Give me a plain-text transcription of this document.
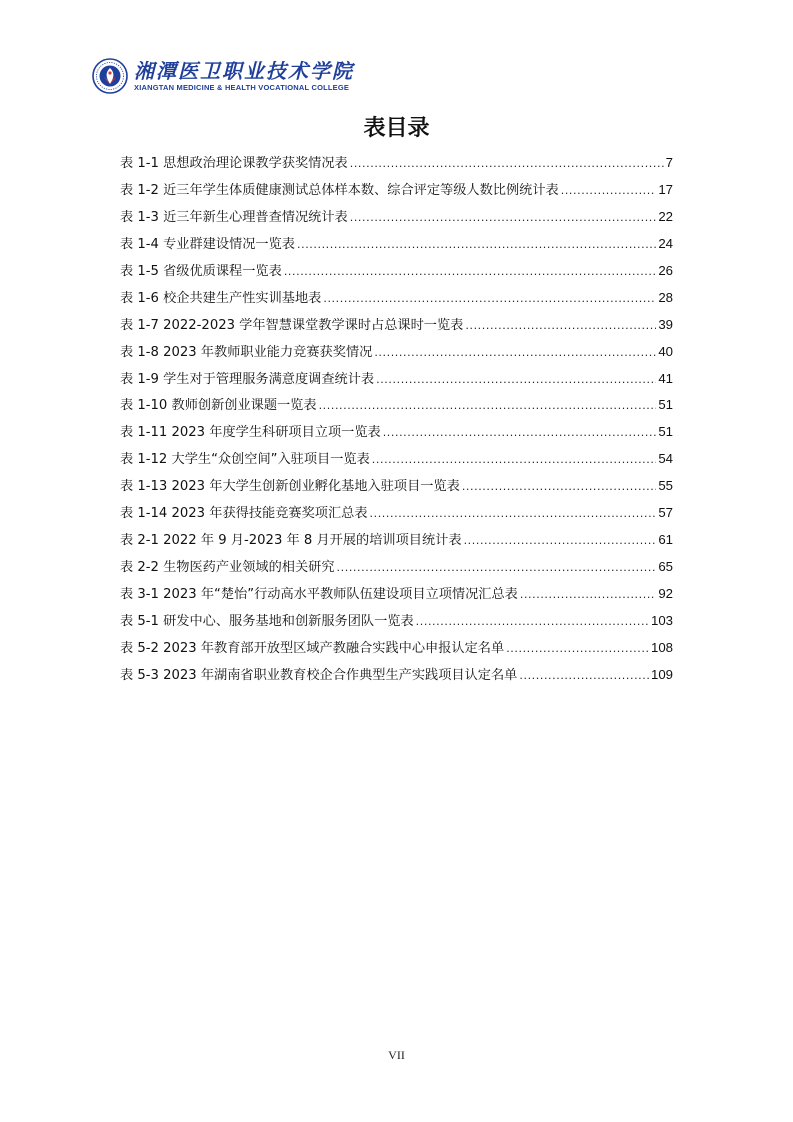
湘潭医卫职业技术学院
XIANGTAN MEDICINE & HEALTH VOCATIONAL COLLEGE
表目录
表 1-1 思想政治理论课教学获奖情况表 .....	7
表 1-2 近三年学生体质健康测试总体样本数、综合评定等级人数比例统计表 .....	17
表 1-3 近三年新生心理普查情况统计表 .....	22
表 1-4 专业群建设情况一览表 .....	24
表 1-5 省级优质课程一览表 .....	26
表 1-6 校企共建生产性实训基地表 .....	28
表 1-7 2022-2023 学年智慧课堂教学课时占总课时一览表 .....	39
表 1-8 2023 年教师职业能力竞赛获奖情况 .....	40
表 1-9 学生对于管理服务满意度调查统计表 .....	41
表 1-10 教师创新创业课题一览表 .....	51
表 1-11 2023 年度学生科研项目立项一览表 .....	51
表 1-12 大学生“众创空间”入驻项目一览表 .....	54
表 1-13 2023 年大学生创新创业孵化基地入驻项目一览表 .....	55
表 1-14 2023 年获得技能竞赛奖项汇总表 .....	57
表 2-1 2022 年 9 月-2023 年 8 月开展的培训项目统计表 .....	61
表 2-2 生物医药产业领域的相关研究 .....	65
表 3-1 2023 年“楚怡”行动高水平教师队伍建设项目立项情况汇总表 .....	92
表 5-1 研发中心、服务基地和创新服务团队一览表 .....	103
表 5-2 2023 年教育部开放型区域产教融合实践中心申报认定名单 .....	108
表 5-3 2023 年湖南省职业教育校企合作典型生产实践项目认定名单 .....	109
VII
